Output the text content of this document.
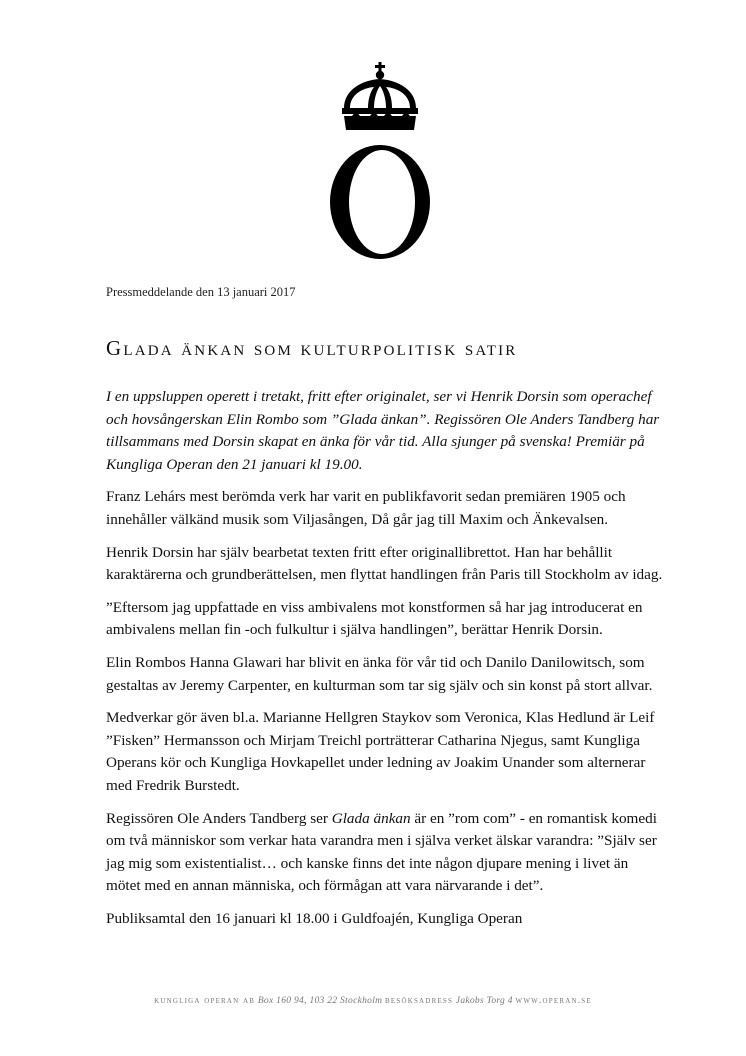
Pressmeddelande den 13 januari 2017
Glada änkan som kulturpolitisk satir

I en uppsluppen operett i tretakt, fritt efter originalet, ser vi Henrik Dorsin som operachef och hovsångerskan Elin Rombo som ”Glada änkan”. Regissören Ole Anders Tandberg har tillsammans med Dorsin skapat en änka för vår tid. Alla sjunger på svenska! Premiär på Kungliga Operan den 21 januari kl 19.00.

Franz Lehárs mest berömda verk har varit en publikfavorit sedan premiären 1905 och innehåller välkänd musik som Viljasången, Då går jag till Maxim och Änkevalsen.

Henrik Dorsin har själv bearbetat texten fritt efter originallibrettot. Han har behållit karaktärerna och grundberättelsen, men flyttat handlingen från Paris till Stockholm av idag.

”Eftersom jag uppfattade en viss ambivalens mot konstformen så har jag introducerat en ambivalens mellan fin -och fulkultur i själva handlingen”, berättar Henrik Dorsin.

Elin Rombos Hanna Glawari har blivit en änka för vår tid och Danilo Danilowitsch, som gestaltas av Jeremy Carpenter, en kulturman som tar sig själv och sin konst på stort allvar.

Medverkar gör även bl.a. Marianne Hellgren Staykov som Veronica, Klas Hedlund är Leif ”Fisken” Hermansson och Mirjam Treichl porträtterar Catharina Njegus, samt Kungliga Operans kör och Kungliga Hovkapellet under ledning av Joakim Unander som alternerar med Fredrik Burstedt.

Regissören Ole Anders Tandberg ser Glada änkan är en ”rom com” - en romantisk komedi om två människor som verkar hata varandra men i själva verket älskar varandra: ”Själv ser jag mig som existentialist… och kanske finns det inte någon djupare mening i livet än mötet med en annan människa, och förmågan att vara närvarande i det”.

Publiksamtal den 16 januari kl 18.00 i Guldfoajén, Kungliga Operan

kungliga operan ab Box 160 94, 103 22 Stockholm besöksadress Jakobs Torg 4 www.operan.se
